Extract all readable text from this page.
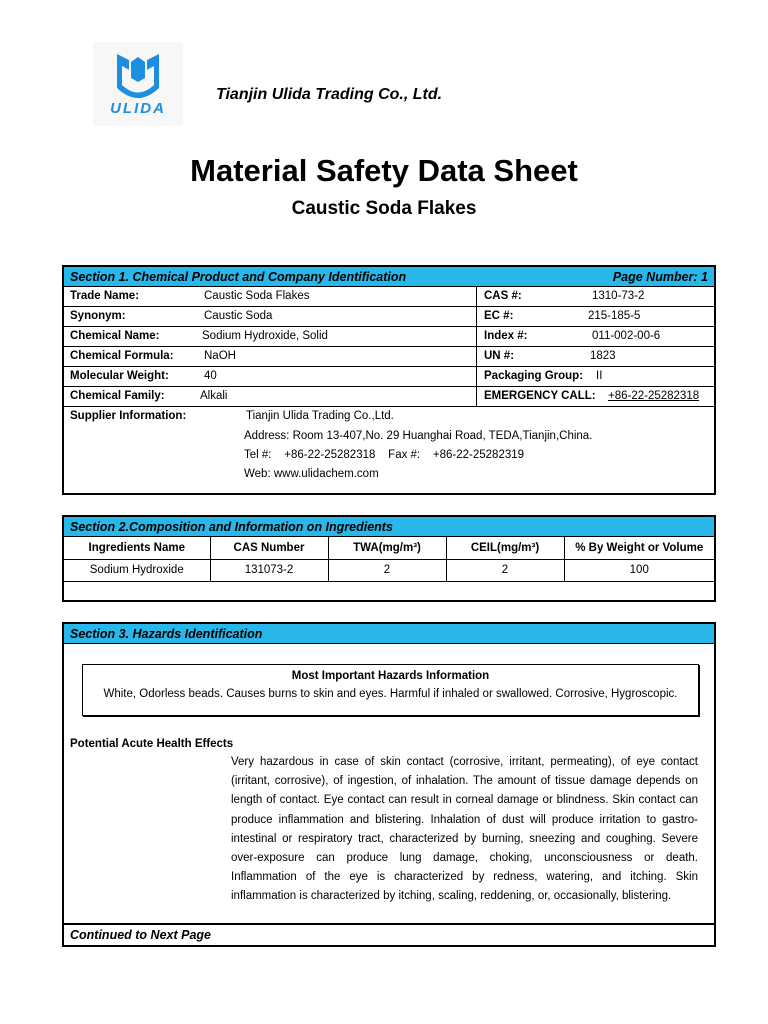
ULIDA
Tianjin Ulida Trading Co., Ltd.
Material Safety Data Sheet
Caustic Soda Flakes
Section 1. Chemical Product and Company Identification	Page Number: 1
Trade Name:	Caustic Soda Flakes	CAS #:	1310-73-2
Synonym:	Caustic Soda	EC #:	215-185-5
Chemical Name:	Sodium Hydroxide, Solid	Index #:	011-002-00-6
Chemical Formula:	NaOH	UN #:	1823
Molecular Weight:	40	Packaging Group: II
Chemical Family:	Alkali	EMERGENCY CALL: +86-22-25282318
Supplier Information:	Tianjin Ulida Trading Co.,Ltd.
Address: Room 13-407,No. 29 Huanghai Road, TEDA,Tianjin,China.
Tel #:    +86-22-25282318    Fax #:    +86-22-25282319
Web: www.ulidachem.com
Section 2.Composition and Information on Ingredients
Ingredients Name	CAS Number	TWA(mg/m³)	CEIL(mg/m³)	% By Weight or Volume
Sodium Hydroxide	131073-2	2	2	100

Section 3. Hazards Identification
Most Important Hazards Information
White, Odorless beads. Causes burns to skin and eyes. Harmful if inhaled or swallowed. Corrosive, Hygroscopic.
Potential Acute Health Effects
Very hazardous in case of skin contact (corrosive, irritant, permeating), of eye contact (irritant, corrosive), of ingestion, of inhalation. The amount of tissue damage depends on length of contact. Eye contact can result in corneal damage or blindness. Skin contact can produce inflammation and blistering. Inhalation of dust will produce irritation to gastro-intestinal or respiratory tract, characterized by burning, sneezing and coughing. Severe over-exposure can produce lung damage, choking, unconsciousness or death. Inflammation of the eye is characterized by redness, watering, and itching. Skin inflammation is characterized by itching, scaling, reddening, or, occasionally, blistering.
Continued to Next Page
